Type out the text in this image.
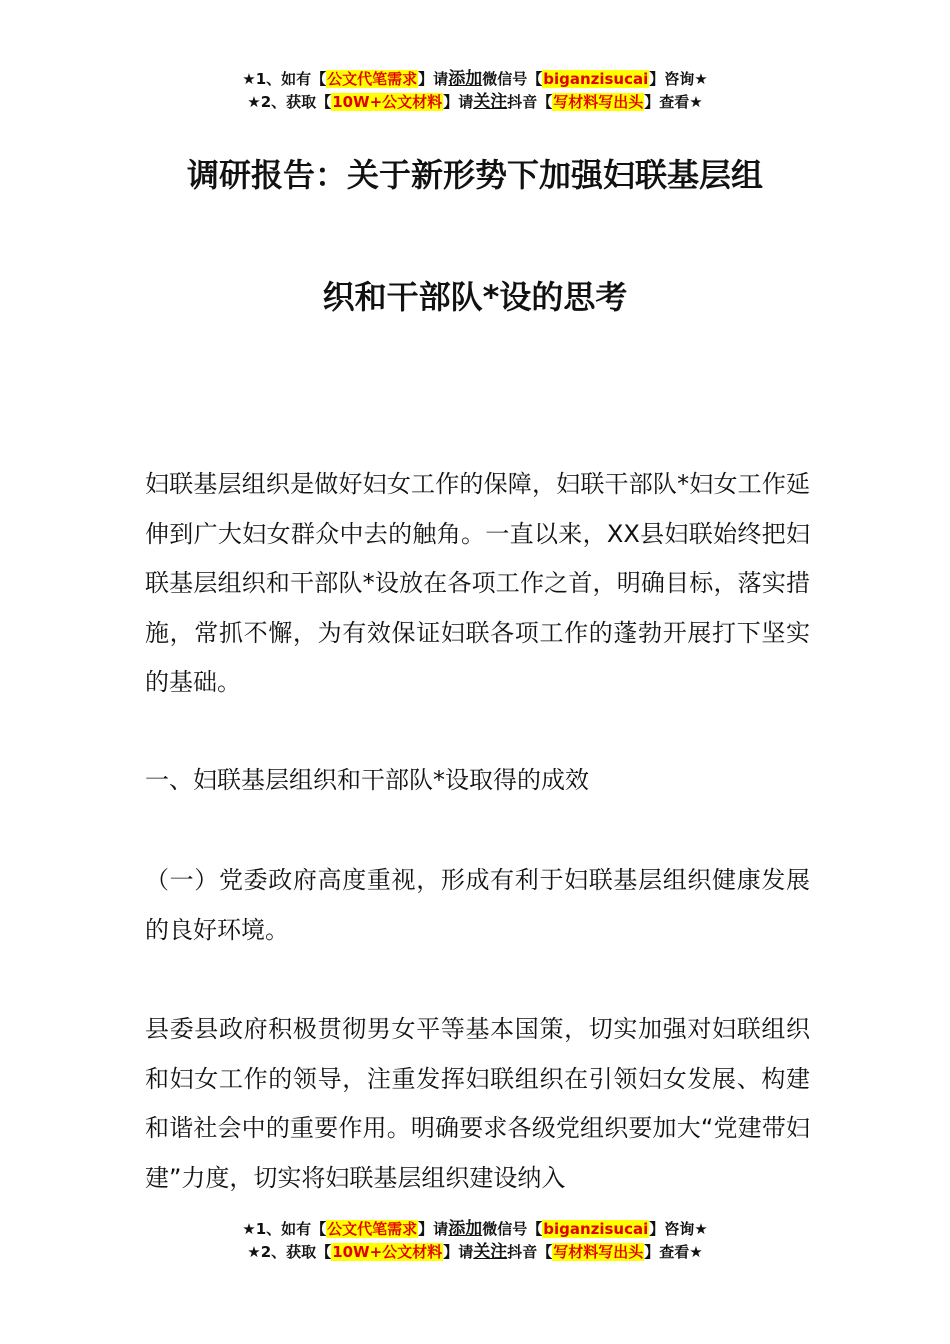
★1、如有【公文代笔需求】请添加微信号【biganzisucai】咨询★
★2、获取【10W+公文材料】请关注抖音【写材料写出头】查看★
调研报告：关于新形势下加强妇联基层组
织和干部队*设的思考

妇联基层组织是做好妇女工作的保障，妇联干部队*妇女工作延伸到广大妇女群众中去的触角。一直以来，XX县妇联始终把妇联基层组织和干部队*设放在各项工作之首，明确目标，落实措施，常抓不懈，为有效保证妇联各项工作的蓬勃开展打下坚实的基础。

一、妇联基层组织和干部队*设取得的成效

（一）党委政府高度重视，形成有利于妇联基层组织健康发展的良好环境。

县委县政府积极贯彻男女平等基本国策，切实加强对妇联组织和妇女工作的领导，注重发挥妇联组织在引领妇女发展、构建和谐社会中的重要作用。明确要求各级党组织要加大“党建带妇建”力度，切实将妇联基层组织建设纳入

★1、如有【公文代笔需求】请添加微信号【biganzisucai】咨询★
★2、获取【10W+公文材料】请关注抖音【写材料写出头】查看★
